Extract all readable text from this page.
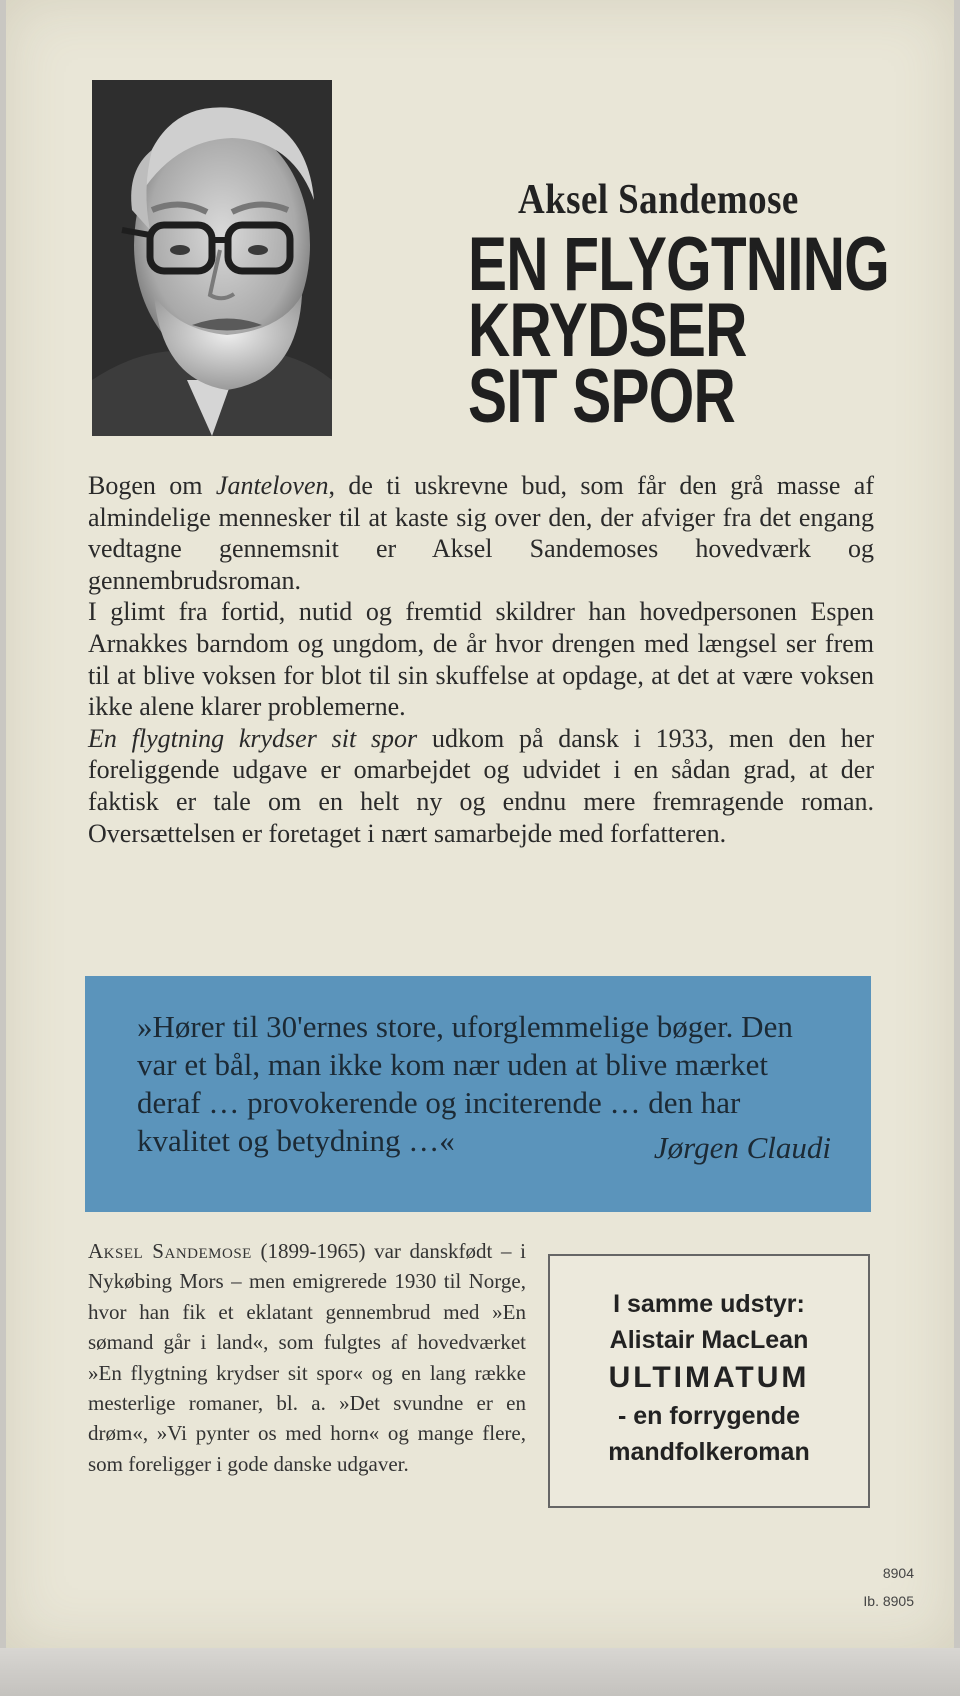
Aksel Sandemose
EN FLYGTNING
KRYDSER
SIT SPOR

Bogen om Janteloven, de ti uskrevne bud, som får den grå masse af almindelige mennesker til at kaste sig over den, der afviger fra det engang vedtagne gennemsnit er Aksel Sandemoses hovedværk og gennembrudsroman.

I glimt fra fortid, nutid og fremtid skildrer han hovedpersonen Espen Arnakkes barndom og ungdom, de år hvor drengen med længsel ser frem til at blive voksen for blot til sin skuffelse at opdage, at det at være voksen ikke alene klarer problemerne.

En flygtning krydser sit spor udkom på dansk i 1933, men den her foreliggende udgave er omarbejdet og udvidet i en sådan grad, at der faktisk er tale om en helt ny og endnu mere fremragende roman. Oversættelsen er foretaget i nært samarbejde med forfatteren.

»Hører til 30'ernes store, uforglemmelige bøger. Den var et bål, man ikke kom nær uden at blive mærket deraf … provokerende og inciterende … den har kvalitet og betydning …«	Jørgen Claudi
Aksel Sandemose (1899-1965) var danskfødt – i Nykøbing Mors – men emigrerede 1930 til Norge, hvor han fik et eklatant gennembrud med »En sømand går i land«, som fulgtes af hovedværket »En flygtning krydser sit spor« og en lang række mesterlige romaner, bl. a. »Det svundne er en drøm«, »Vi pynter os med horn« og mange flere, som foreligger i gode danske udgaver.
I samme udstyr:
Alistair MacLean
ULTIMATUM
- en forrygende
mandfolkeroman
8904
Ib. 8905
